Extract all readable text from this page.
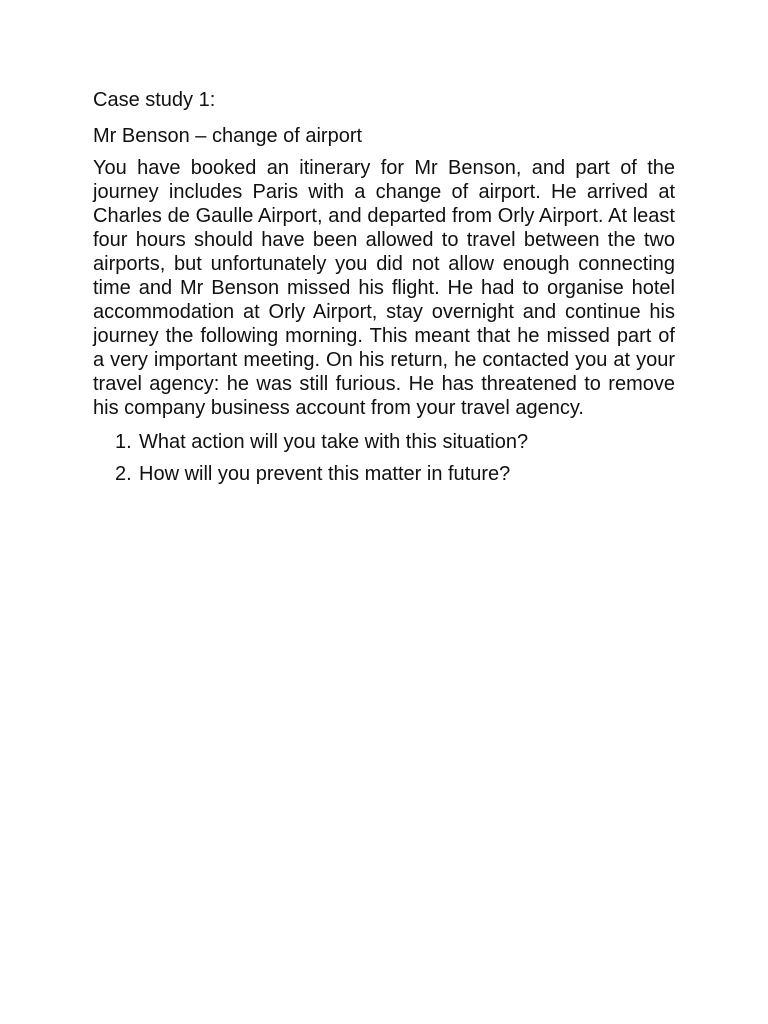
Case study 1:

Mr Benson – change of airport

You have booked an itinerary for Mr Benson, and part of the journey includes Paris with a change of airport. He arrived at Charles de Gaulle Airport, and departed from Orly Airport. At least four hours should have been allowed to travel between the two airports, but unfortunately you did not allow enough connecting time and Mr Benson missed his flight. He had to organise hotel accommodation at Orly Airport, stay overnight and continue his journey the following morning. This meant that he missed part of a very important meeting. On his return, he contacted you at your travel agency: he was still furious. He has threatened to remove his company business account from your travel agency.

1. What action will you take with this situation?
2. How will you prevent this matter in future?
